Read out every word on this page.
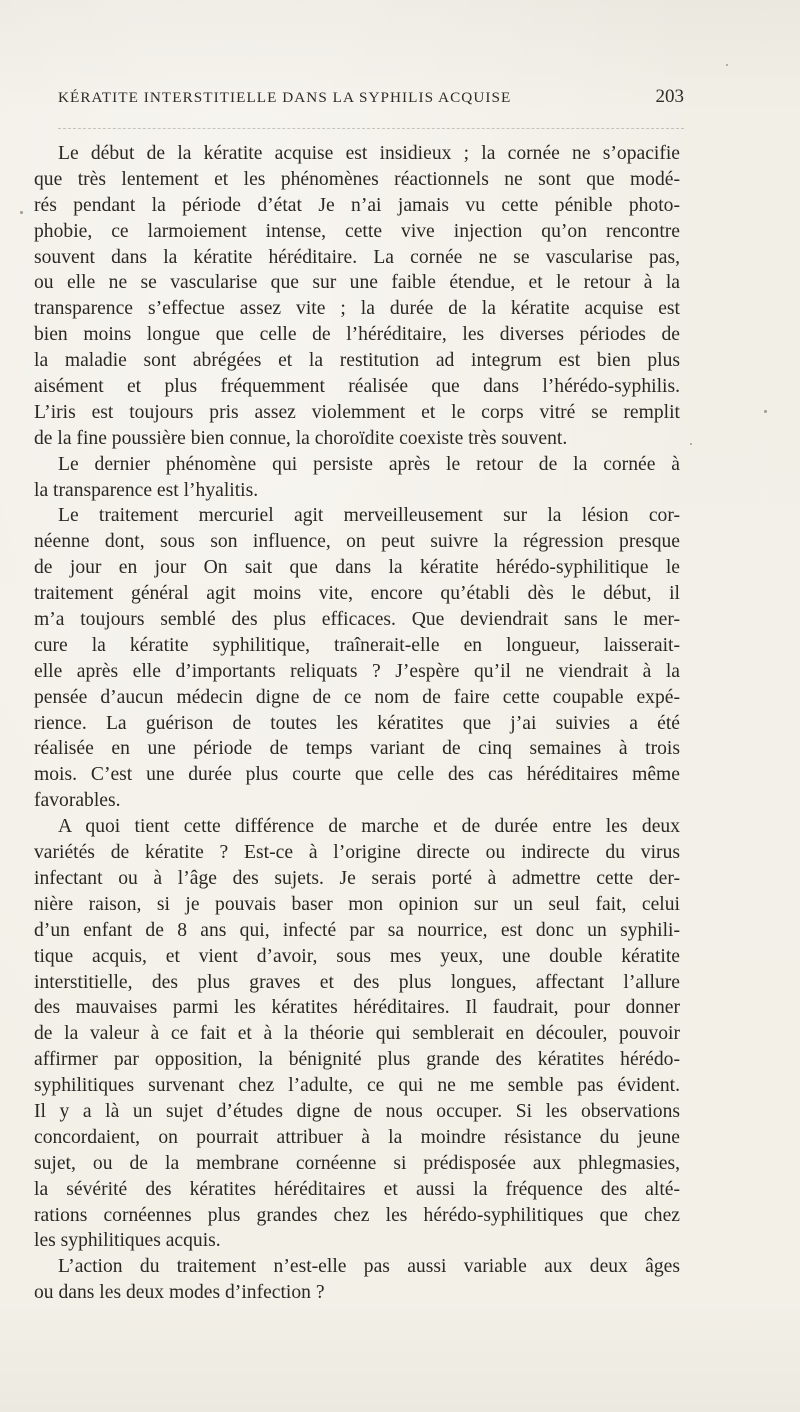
KÉRATITE INTERSTITIELLE DANS LA SYPHILIS ACQUISE	203
Le début de la kératite acquise est insidieux ; la cornée ne s’opacifie
que très lentement et les phénomènes réactionnels ne sont que modé-
rés pendant la période d’état Je n’ai jamais vu cette pénible photo-
phobie, ce larmoiement intense, cette vive injection qu’on rencontre
souvent dans la kératite héréditaire. La cornée ne se vascularise pas,
ou elle ne se vascularise que sur une faible étendue, et le retour à la
transparence s’effectue assez vite ; la durée de la kératite acquise est
bien moins longue que celle de l’héréditaire, les diverses périodes de
la maladie sont abrégées et la restitution ad integrum est bien plus
aisément et plus fréquemment réalisée que dans l’hérédo-syphilis.
L’iris est toujours pris assez violemment et le corps vitré se remplit
de la fine poussière bien connue, la choroïdite coexiste très souvent.
Le dernier phénomène qui persiste après le retour de la cornée à
la transparence est l’hyalitis.
Le traitement mercuriel agit merveilleusement sur la lésion cor-
néenne dont, sous son influence, on peut suivre la régression presque
de jour en jour On sait que dans la kératite hérédo-syphilitique le
traitement général agit moins vite, encore qu’établi dès le début, il
m’a toujours semblé des plus efficaces. Que deviendrait sans le mer-
cure la kératite syphilitique, traînerait-elle en longueur, laisserait-
elle après elle d’importants reliquats ? J’espère qu’il ne viendrait à la
pensée d’aucun médecin digne de ce nom de faire cette coupable expé-
rience. La guérison de toutes les kératites que j’ai suivies a été
réalisée en une période de temps variant de cinq semaines à trois
mois. C’est une durée plus courte que celle des cas héréditaires même
favorables.
A quoi tient cette différence de marche et de durée entre les deux
variétés de kératite ? Est-ce à l’origine directe ou indirecte du virus
infectant ou à l’âge des sujets. Je serais porté à admettre cette der-
nière raison, si je pouvais baser mon opinion sur un seul fait, celui
d’un enfant de 8 ans qui, infecté par sa nourrice, est donc un syphili-
tique acquis, et vient d’avoir, sous mes yeux, une double kératite
interstitielle, des plus graves et des plus longues, affectant l’allure
des mauvaises parmi les kératites héréditaires. Il faudrait, pour donner
de la valeur à ce fait et à la théorie qui semblerait en découler, pouvoir
affirmer par opposition, la bénignité plus grande des kératites hérédo-
syphilitiques survenant chez l’adulte, ce qui ne me semble pas évident.
Il y a là un sujet d’études digne de nous occuper. Si les observations
concordaient, on pourrait attribuer à la moindre résistance du jeune
sujet, ou de la membrane cornéenne si prédisposée aux phlegmasies,
la sévérité des kératites héréditaires et aussi la fréquence des alté-
rations cornéennes plus grandes chez les hérédo-syphilitiques que chez
les syphilitiques acquis.
L’action du traitement n’est-elle pas aussi variable aux deux âges
ou dans les deux modes d’infection ?
